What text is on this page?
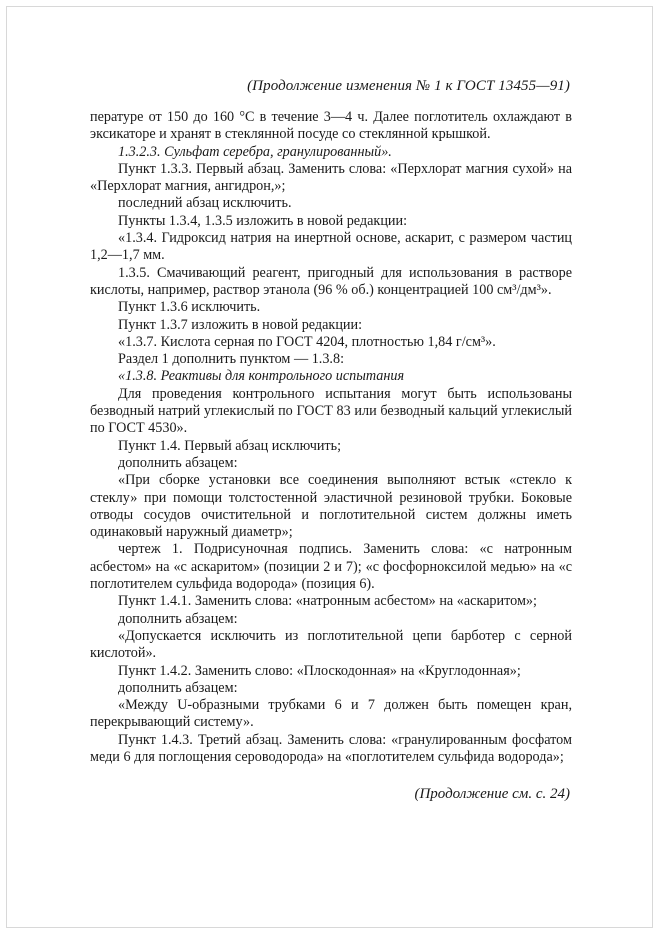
(Продолжение изменения № 1 к ГОСТ 13455—91)

пературе от 150 до 160 °С в течение 3—4 ч. Далее поглотитель охлаждают в эксикаторе и хранят в стеклянной посуде со стеклянной крышкой.

1.3.2.3. Сульфат серебра, гранулированный».

Пункт 1.3.3. Первый абзац. Заменить слова: «Перхлорат магния сухой» на «Перхлорат магния, ангидрон,»;

последний абзац исключить.

Пункты 1.3.4, 1.3.5 изложить в новой редакции:

«1.3.4. Гидроксид натрия на инертной основе, аскарит, с размером частиц 1,2—1,7 мм.

1.3.5. Смачивающий реагент, пригодный для использования в растворе кислоты, например, раствор этанола (96 % об.) концентрацией 100 см³/дм³».

Пункт 1.3.6 исключить.

Пункт 1.3.7 изложить в новой редакции:

«1.3.7. Кислота серная по ГОСТ 4204, плотностью 1,84 г/см³».

Раздел 1 дополнить пунктом — 1.3.8:

«1.3.8. Реактивы для контрольного испытания

Для проведения контрольного испытания могут быть использованы безводный натрий углекислый по ГОСТ 83 или безводный кальций углекислый по ГОСТ 4530».

Пункт 1.4. Первый абзац исключить;

дополнить абзацем:

«При сборке установки все соединения выполняют встык «стекло к стеклу» при помощи толстостенной эластичной резиновой трубки. Боковые отводы сосудов очистительной и поглотительной систем должны иметь одинаковый наружный диаметр»;

чертеж 1. Подрисуночная подпись. Заменить слова: «с натронным асбестом» на «с аскаритом» (позиции 2 и 7); «с фосфорноксилой медью» на «с поглотителем сульфида водорода» (позиция 6).

Пункт 1.4.1. Заменить слова: «натронным асбестом» на «аскаритом»;

дополнить абзацем:

«Допускается исключить из поглотительной цепи барботер с серной кислотой».

Пункт 1.4.2. Заменить слово: «Плоскодонная» на «Круглодонная»;

дополнить абзацем:

«Между U-образными трубками 6 и 7 должен быть помещен кран, перекрывающий систему».

Пункт 1.4.3. Третий абзац. Заменить слова: «гранулированным фосфатом меди 6 для поглощения сероводорода» на «поглотителем сульфида водорода»;

(Продолжение см. с. 24)
